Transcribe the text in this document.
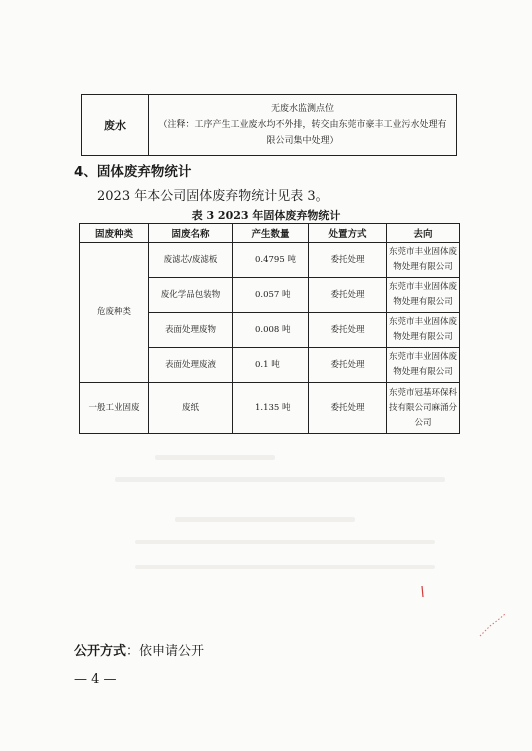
废水	
无废水监测点位
（注释：工序产生工业废水均不外排，转交由东莞市豪丰工业污水处理有限公司集中处理）
4、固体废弃物统计
2023 年本公司固体废弃物统计见表 3。
表 3 2023 年固体废弃物统计
固废种类	固废名称	产生数量	处置方式	去向
危废种类	废滤芯/废滤板	0.4795 吨	委托处理	东莞市丰业固体废物处理有限公司
	废化学品包装物	0.057 吨	委托处理	东莞市丰业固体废物处理有限公司
	表面处理废物	0.008 吨	委托处理	东莞市丰业固体废物处理有限公司
	表面处理废液	0.1 吨	委托处理	东莞市丰业固体废物处理有限公司
一般工业固废	废纸	1.135 吨	委托处理	东莞市冠基环保科技有限公司麻涌分公司
公开方式：依申请公开
— 4 —
